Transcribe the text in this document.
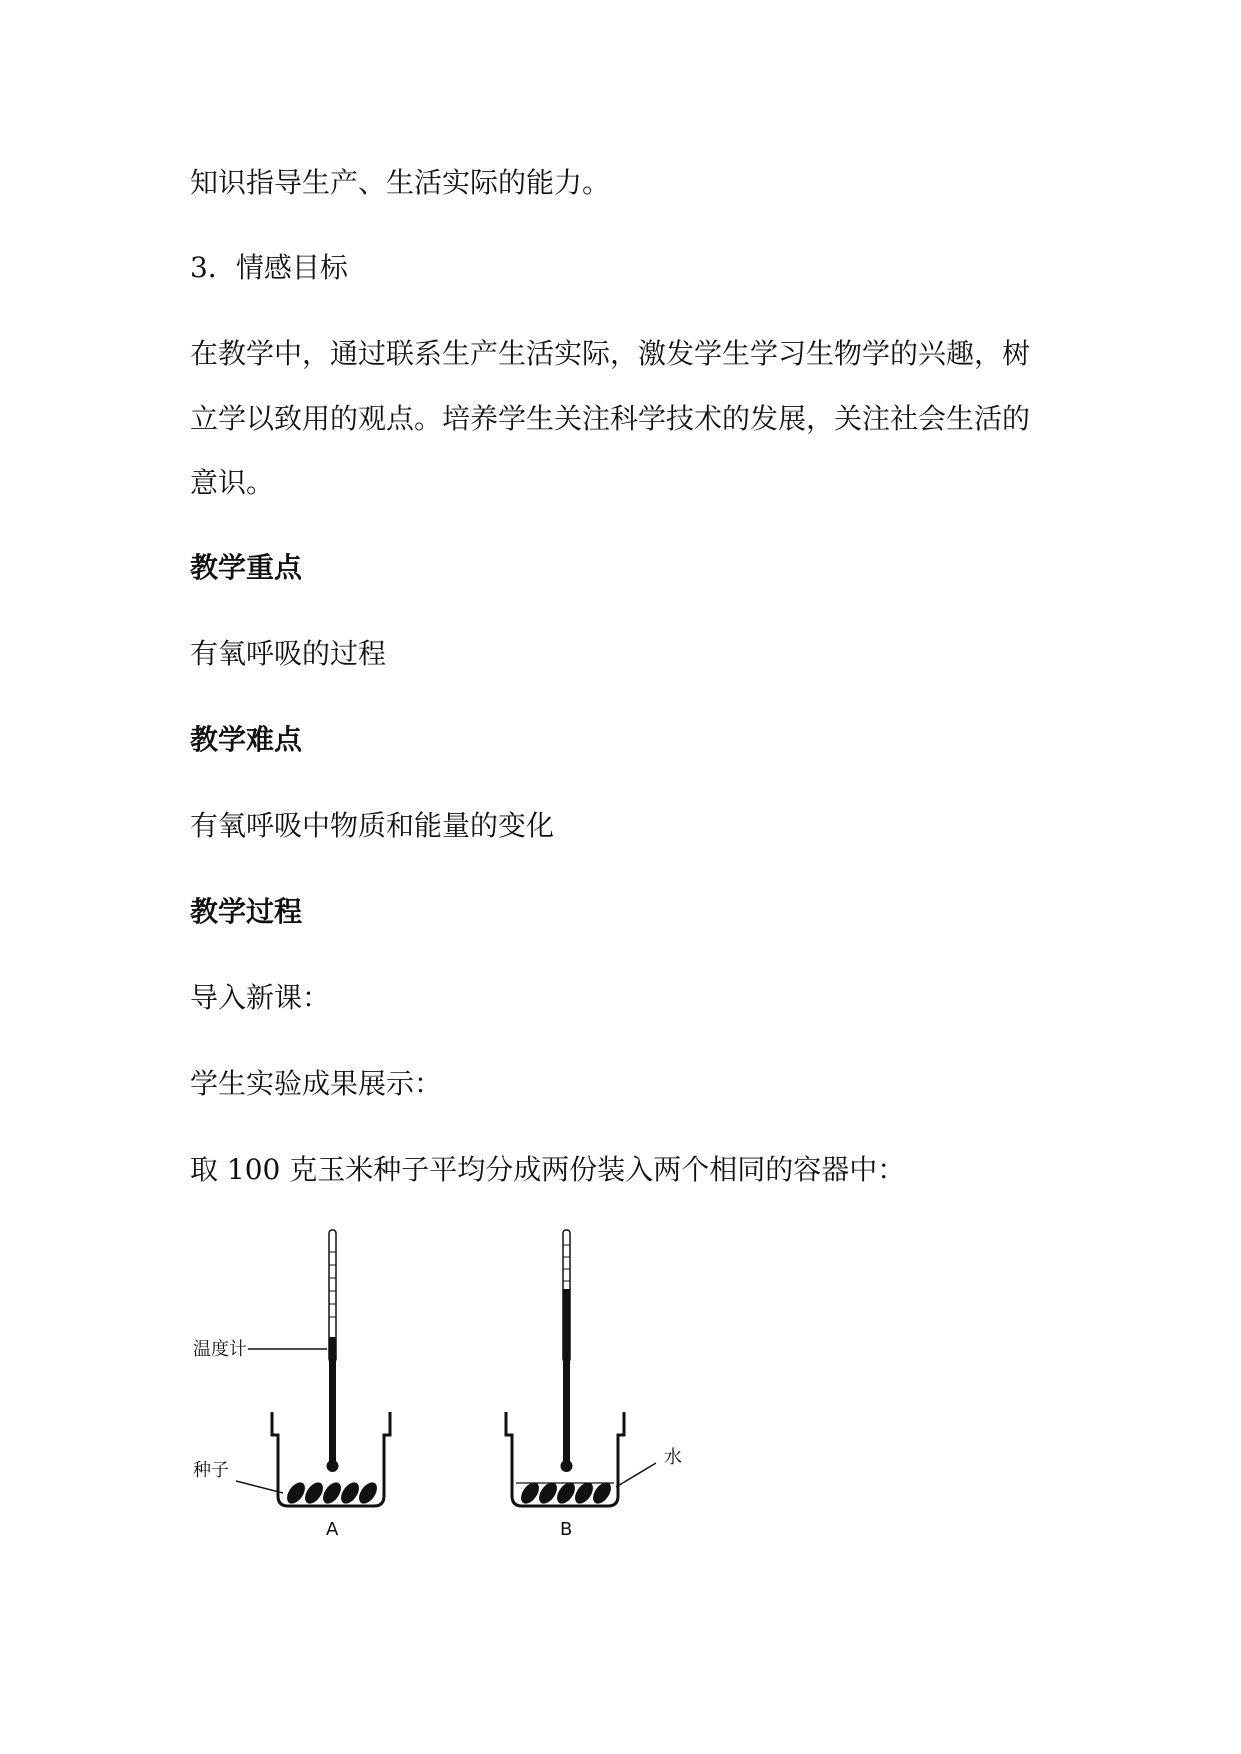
知识指导生产、生活实际的能力。

3．情感目标

在教学中，通过联系生产生活实际，激发学生学习生物学的兴趣，树

立学以致用的观点。培养学生关注科学技术的发展，关注社会生活的

意识。

教学重点

有氧呼吸的过程

教学难点

有氧呼吸中物质和能量的变化

教学过程

导入新课：

学生实验成果展示：

取 100 克玉米种子平均分成两份装入两个相同的容器中：

温度计
种子
A
水
B
